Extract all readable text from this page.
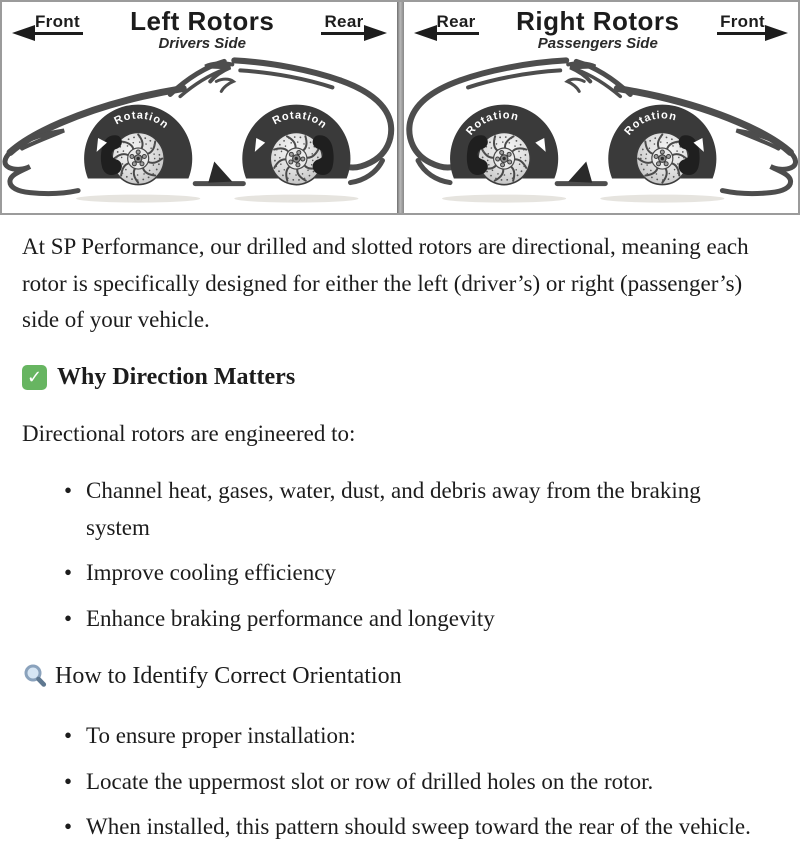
Front Left Rotors
Drivers Side
Rear
Rotation	Rotation
Rear Right Rotors
Passengers Side
Front
Rotation
Rotation

At SP Performance, our drilled and slotted rotors are directional, meaning each rotor is specifically designed for either the left (driver’s) or right (passenger’s) side of your vehicle.

✓ Why Direction Matters

Directional rotors are engineered to:

• Channel heat, gases, water, dust, and debris away from the braking system
• Improve cooling efficiency
• Enhance braking performance and longevity
How to Identify Correct Orientation
• To ensure proper installation:
• Locate the uppermost slot or row of drilled holes on the rotor.
• When installed, this pattern should sweep toward the rear of the vehicle.
